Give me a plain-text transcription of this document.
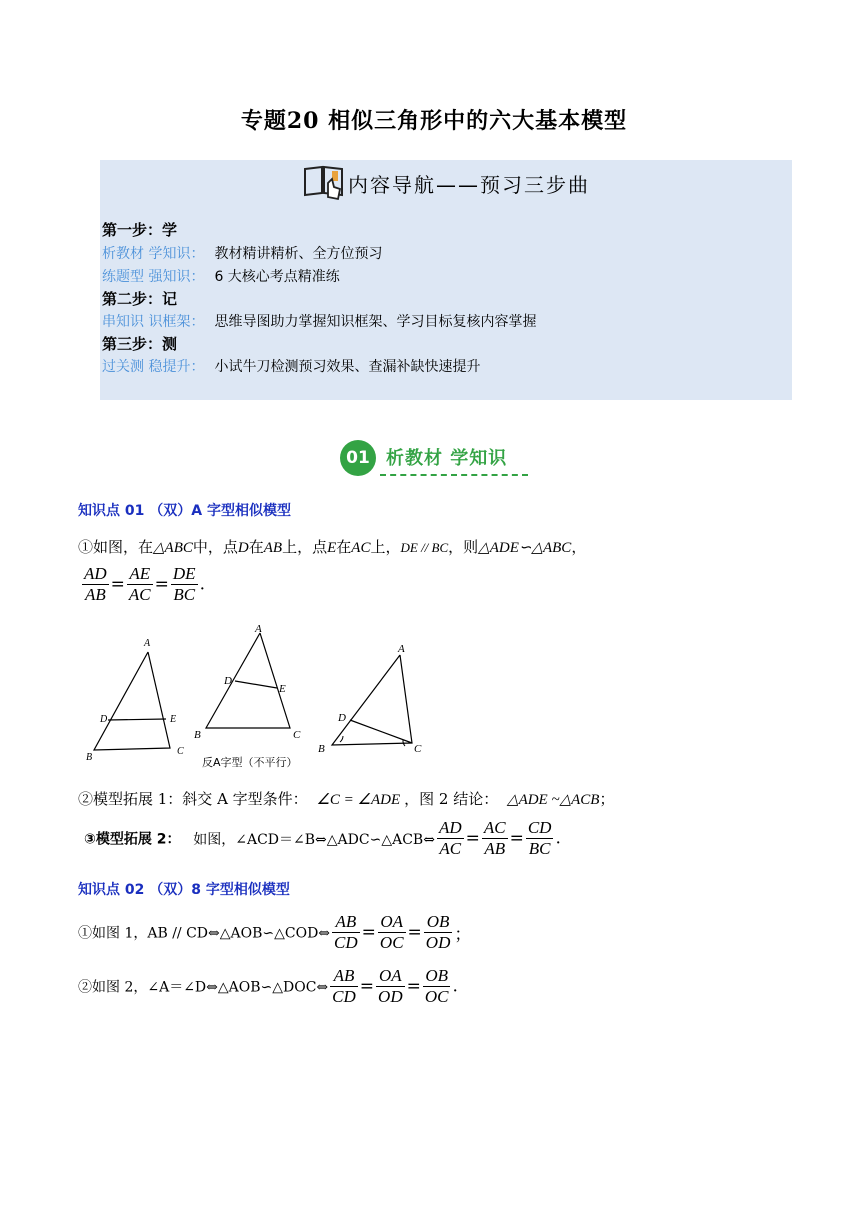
专题20 相似三角形中的六大基本模型
内容导航——预习三步曲
第一步：学
析教材 学知识： 教材精讲精析、全方位预习
练题型 强知识： 6 大核心考点精准练
第二步：记
串知识 识框架： 思维导图助力掌握知识框架、学习目标复核内容掌握
第三步：测
过关测 稳提升： 小试牛刀检测预习效果、查漏补缺快速提升
01 析教材 学知识
知识点 01 （双）A 字型相似模型
①如图，在△ABC中，点D在AB上，点E在AC上，DE // BC，则△ADE∽△ABC，
$\frac{AD}{AB} = \frac{AE}{AC} = \frac{DE}{BC}$ .
A
D	E
B
C
A
D
E
B	C
反A字型（不平行）
A
D
B	C
②模型拓展 1：斜交 A 字型条件： ∠C = ∠ADE ，图 2 结论： △ADE ~△ACB；
③模型拓展 2： 如图，∠ACD＝∠B⇔△ADC∽△ACB⇔ $\frac{AD}{AC} = \frac{AC}{AB} = \frac{CD}{BC}$ .
知识点 02 （双）8 字型相似模型
①如图 1，AB // CD⇔△AOB∽△COD⇔ $\frac{AB}{CD} = \frac{OA}{OC} = \frac{OB}{OD}$ ；
②如图 2，∠A＝∠D⇔△AOB∽△DOC⇔ $\frac{AB}{CD} = \frac{OA}{OD} = \frac{OB}{OC}$ .
